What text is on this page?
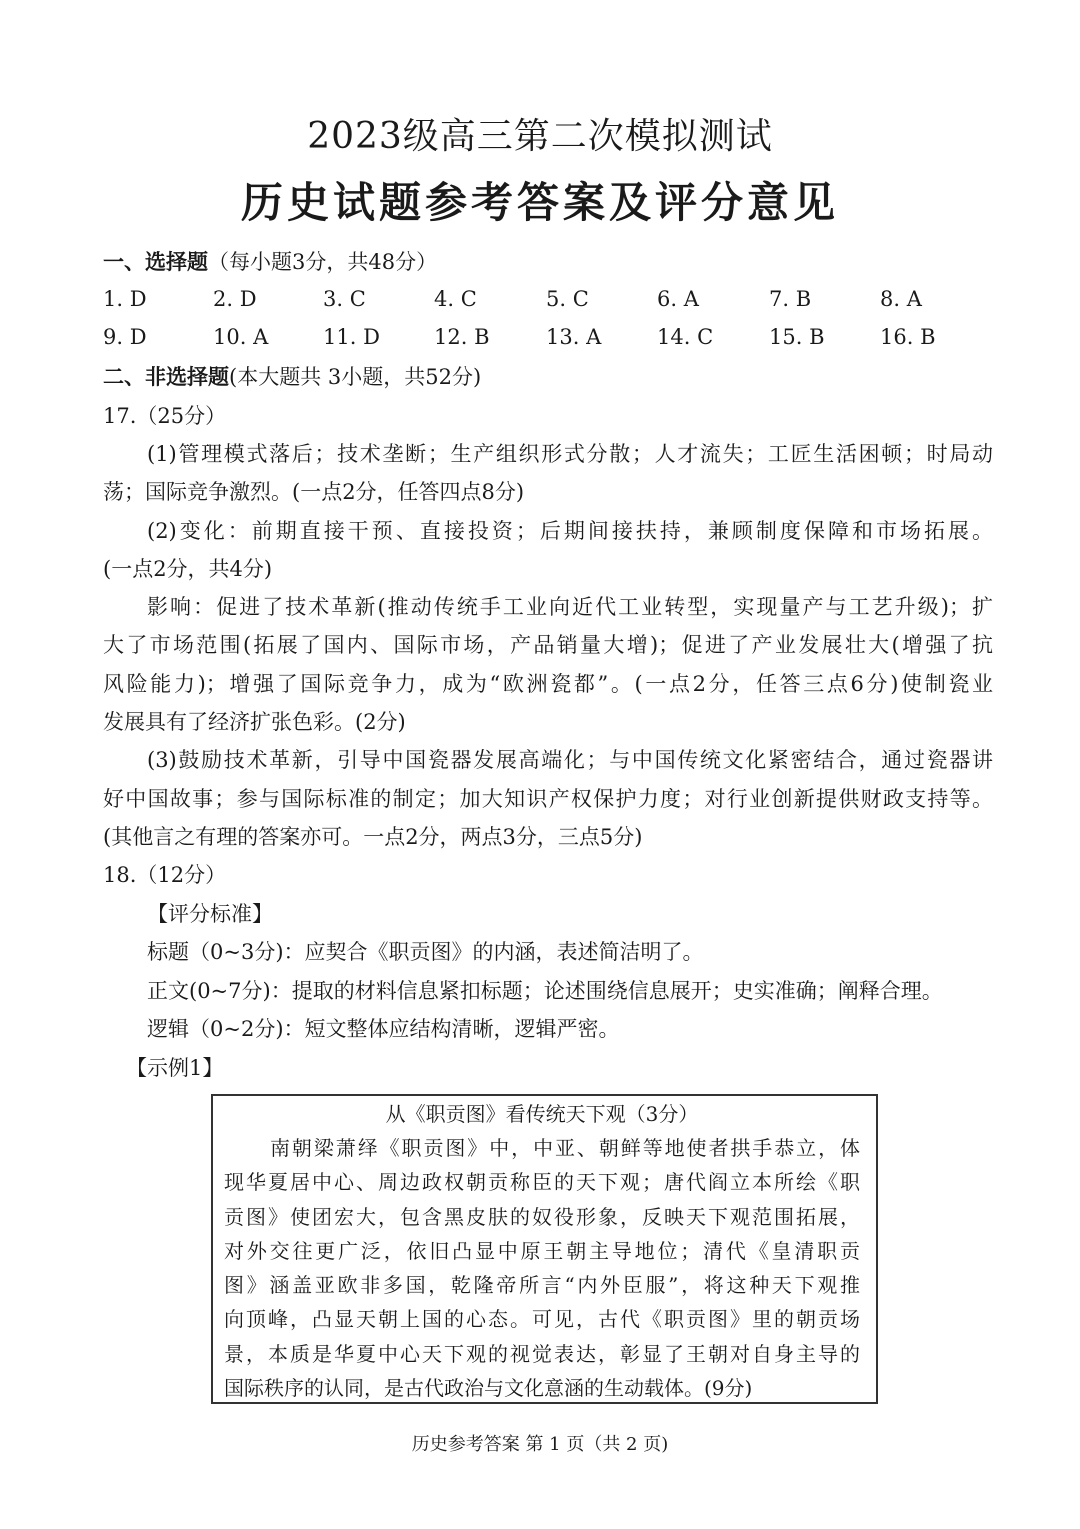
2023级高三第二次模拟测试
历史试题参考答案及评分意见
一、选择题（每小题3分，共48分）
1. D	2. D	3. C	4. C	5. C	6. A	7. B	8. A
9. D	10. A	11. D	12. B	13. A	14. C	15. B	16. B
二、非选择题(本大题共 3小题，共52分)
17.（25分）
(1)管理模式落后；技术垄断；生产组织形式分散；人才流失；工匠生活困顿；时局动
荡；国际竞争激烈。(一点2分，任答四点8分)
(2)变化：前期直接干预、直接投资；后期间接扶持，兼顾制度保障和市场拓展。
(一点2分，共4分)
影响：促进了技术革新(推动传统手工业向近代工业转型，实现量产与工艺升级)；扩
大了市场范围(拓展了国内、国际市场，产品销量大增)；促进了产业发展壮大(增强了抗
风险能力)；增强了国际竞争力，成为“欧洲瓷都”。(一点2分，任答三点6分)使制瓷业
发展具有了经济扩张色彩。(2分)
(3)鼓励技术革新，引导中国瓷器发展高端化；与中国传统文化紧密结合，通过瓷器讲
好中国故事；参与国际标准的制定；加大知识产权保护力度；对行业创新提供财政支持等。
(其他言之有理的答案亦可。一点2分，两点3分，三点5分)
18.（12分）
【评分标准】
标题（0~3分)：应契合《职贡图》的内涵，表述简洁明了。
正文(0~7分)：提取的材料信息紧扣标题；论述围绕信息展开；史实准确；阐释合理。
逻辑（0~2分)：短文整体应结构清晰，逻辑严密。
【示例1】
从《职贡图》看传统天下观（3分）
南朝梁萧绎《职贡图》中，中亚、朝鲜等地使者拱手恭立，体
现华夏居中心、周边政权朝贡称臣的天下观；唐代阎立本所绘《职
贡图》使团宏大，包含黑皮肤的奴役形象，反映天下观范围拓展，
对外交往更广泛，依旧凸显中原王朝主导地位；清代《皇清职贡
图》涵盖亚欧非多国，乾隆帝所言“内外臣服”，将这种天下观推
向顶峰，凸显天朝上国的心态。可见，古代《职贡图》里的朝贡场
景，本质是华夏中心天下观的视觉表达，彰显了王朝对自身主导的
国际秩序的认同，是古代政治与文化意涵的生动载体。(9分)
历史参考答案 第 1 页（共 2 页)
